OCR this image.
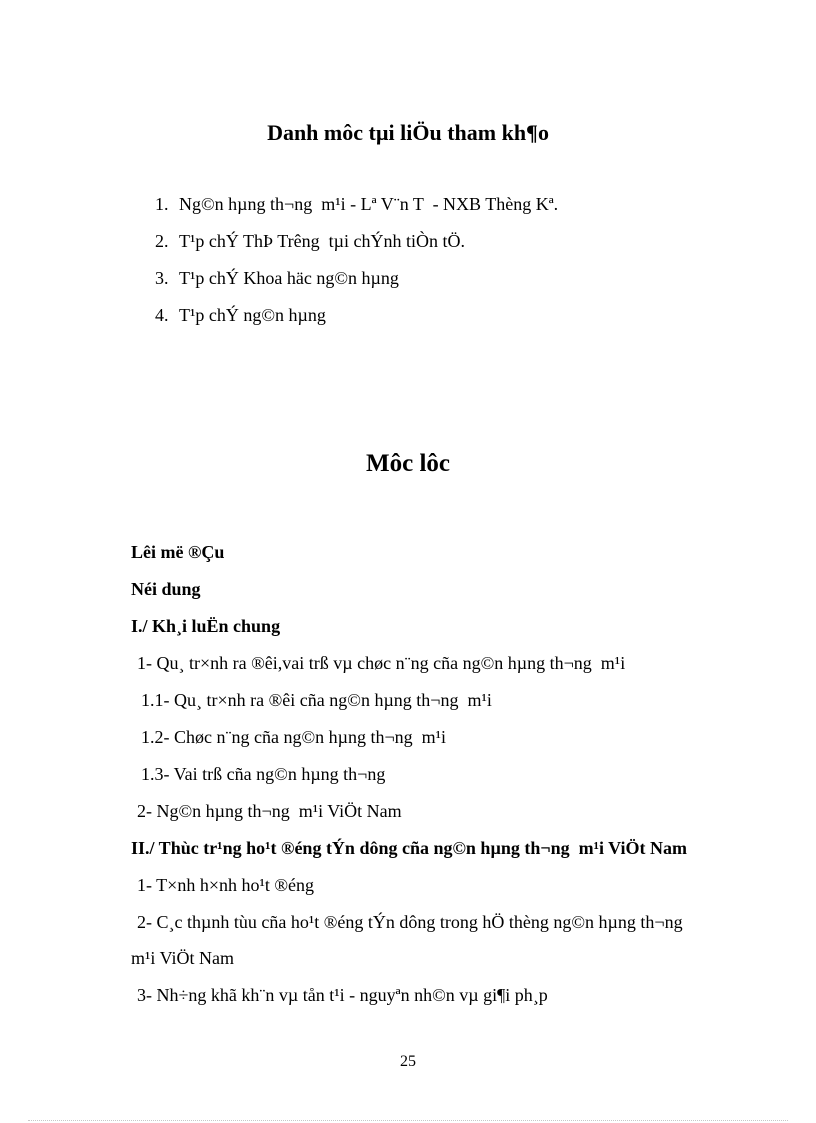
Danh môc tµi liÖu tham kh¶o
1. Ng©n hµng th¬ng  m¹i - Lª V¨n T  - NXB Thèng Kª.
2. T¹p chÝ ThÞ Trêng  tµi chÝnh tiÒn tÖ.
3. T¹p chÝ Khoa häc ng©n hµng
4. T¹p chÝ ng©n hµng
Môc lôc
Lêi më ®Çu
Néi dung
I./ Kh¸i luËn chung
1- Qu¸ tr×nh ra ®êi,vai trß vµ chøc n¨ng cña ng©n hµng th¬ng  m¹i
1.1- Qu¸ tr×nh ra ®êi cña ng©n hµng th¬ng  m¹i
1.2- Chøc n¨ng cña ng©n hµng th¬ng  m¹i
1.3- Vai trß cña ng©n hµng th¬ng
2- Ng©n hµng th¬ng  m¹i ViÖt Nam
II./ Thùc tr¹ng ho¹t ®éng tÝn dông cña ng©n hµng th¬ng  m¹i ViÖt Nam
1- T×nh h×nh ho¹t ®éng
2- C¸c thµnh tùu cña ho¹t ®éng tÝn dông trong hÖ thèng ng©n hµng th¬ng m¹i ViÖt Nam
3- Nh÷ng khã kh¨n vµ tån t¹i - nguyªn nh©n vµ gi¶i ph¸p
25
